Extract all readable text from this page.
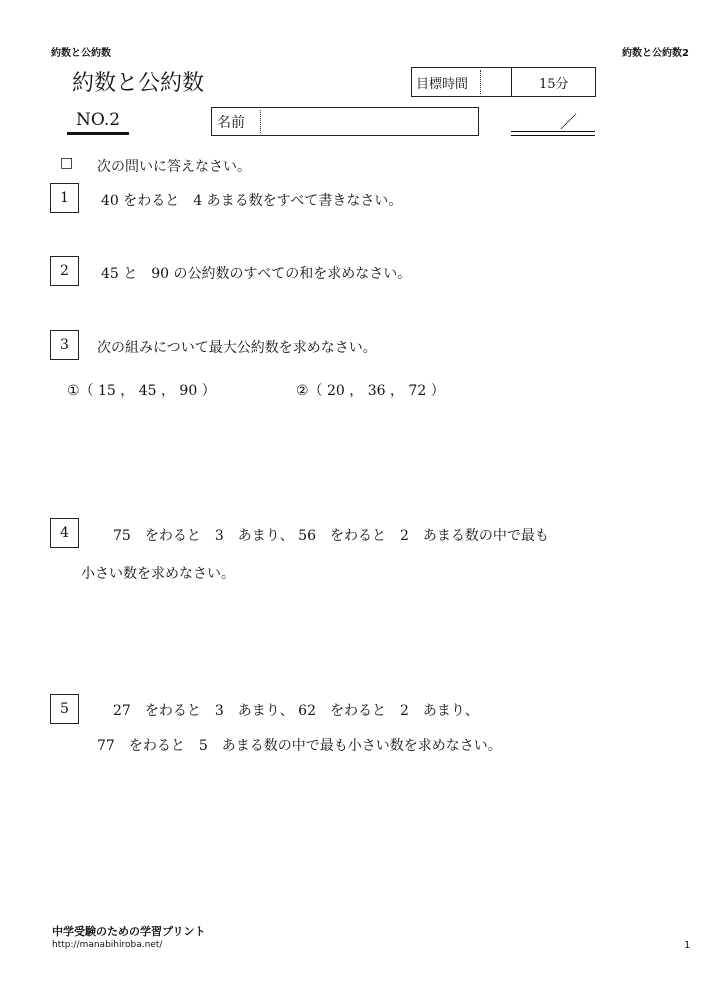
約数と公約数	約数と公約数2
約数と公約数	目標時間	15分
NO.2	名前	／
□ 次の問いに答えなさい。
1	40 をわると　4 あまる数をすべて書きなさい。
2	45 と　90 の公約数のすべての和を求めなさい。
3	次の組みについて最大公約数を求めなさい。
①（ 15 ， 45 ， 90 ）	②（ 20 ， 36 ， 72 ）
4	75　をわると　3　あまり、 56　をわると　2　あまる数の中で最も
小さい数を求めなさい。
5	27　をわると　3　あまり、 62　をわると　2　あまり、
77　をわると　5　あまる数の中で最も小さい数を求めなさい。
中学受験のための学習プリント
http://manabihiroba.net/	1
